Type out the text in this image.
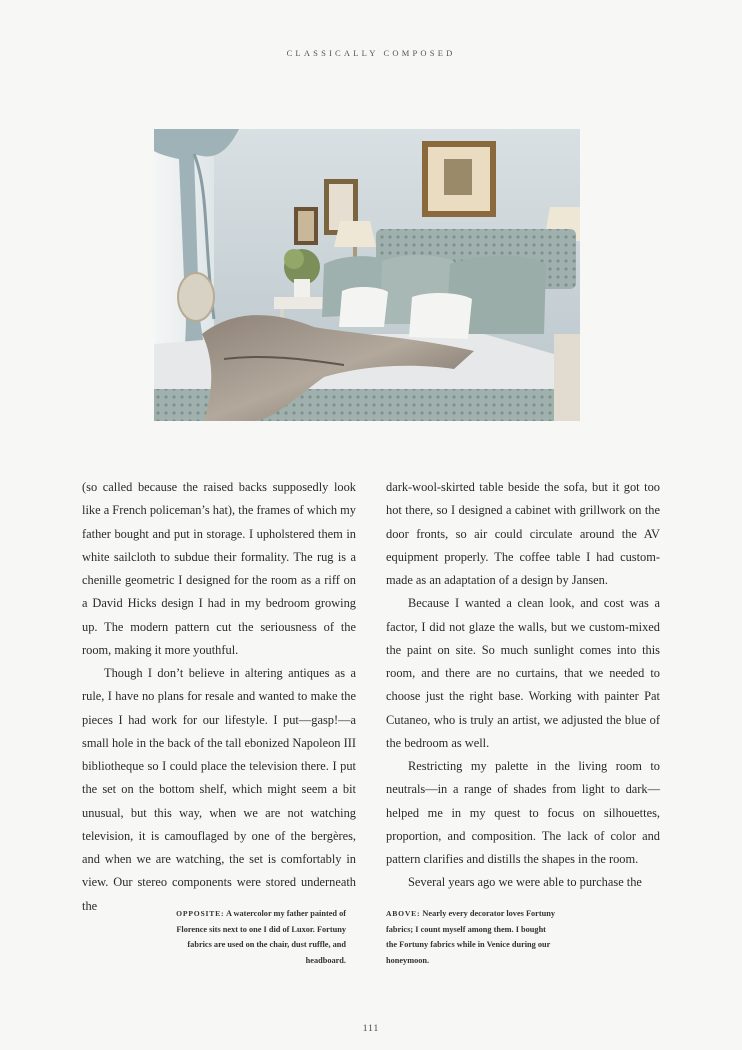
CLASSICALLY COMPOSED

(so called because the raised backs supposedly look like a French policeman’s hat), the frames of which my father bought and put in storage. I upholstered them in white sailcloth to subdue their formality. The rug is a chenille geometric I designed for the room as a riff on a David Hicks design I had in my bedroom growing up. The modern pattern cut the seriousness of the room, making it more youthful.

Though I don’t believe in altering antiques as a rule, I have no plans for resale and wanted to make the pieces I had work for our lifestyle. I put—gasp!—a small hole in the back of the tall ebonized Napoleon III bibliotheque so I could place the television there. I put the set on the bottom shelf, which might seem a bit unusual, but this way, when we are not watching television, it is camouflaged by one of the bergères, and when we are watching, the set is comfortably in view. Our stereo components were stored underneath the

dark-wool-skirted table beside the sofa, but it got too hot there, so I designed a cabinet with grillwork on the door fronts, so air could circulate around the AV equipment properly. The coffee table I had custom-made as an adaptation of a design by Jansen.

Because I wanted a clean look, and cost was a factor, I did not glaze the walls, but we custom-mixed the paint on site. So much sunlight comes into this room, and there are no curtains, that we needed to choose just the right base. Working with painter Pat Cutaneo, who is truly an artist, we adjusted the blue of the bedroom as well.

Restricting my palette in the living room to neutrals—in a range of shades from light to dark—helped me in my quest to focus on silhouettes, proportion, and composition. The lack of color and pattern clarifies and distills the shapes in the room.

Several years ago we were able to purchase the

OPPOSITE: A watercolor my father painted of Florence sits next to one I did of Luxor. Fortuny fabrics are used on the chair, dust ruffle, and headboard.
ABOVE: Nearly every decorator loves Fortuny fabrics; I count myself among them. I bought the Fortuny fabrics while in Venice during our honeymoon.
111
